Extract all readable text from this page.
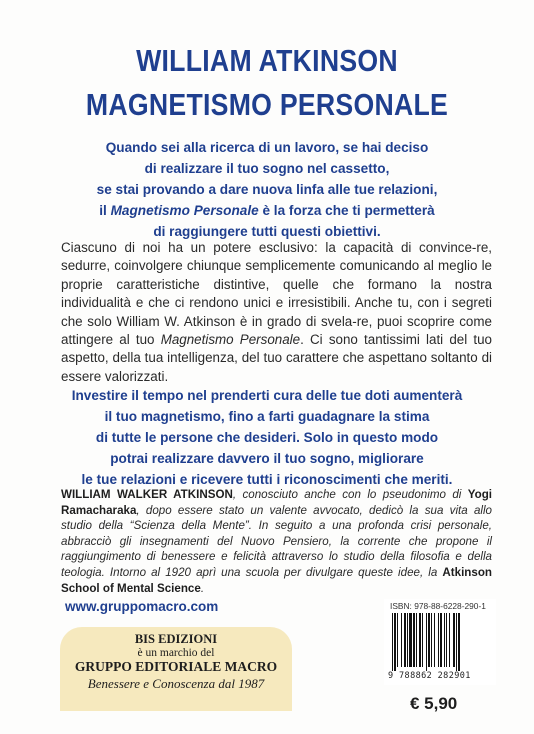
WILLIAM ATKINSON
MAGNETISMO PERSONALE
Quando sei alla ricerca di un lavoro, se hai deciso
di realizzare il tuo sogno nel cassetto,
se stai provando a dare nuova linfa alle tue relazioni,
il Magnetismo Personale è la forza che ti permetterà
di raggiungere tutti questi obiettivi.
Ciascuno di noi ha un potere esclusivo: la capacità di convince-re, sedurre, coinvolgere chiunque semplicemente comunicando al meglio le proprie caratteristiche distintive, quelle che formano la nostra individualità e che ci rendono unici e irresistibili. Anche tu, con i segreti che solo William W. Atkinson è in grado di svela-re, puoi scoprire come attingere al tuo Magnetismo Personale. Ci sono tantissimi lati del tuo aspetto, della tua intelligenza, del tuo carattere che aspettano soltanto di essere valorizzati.
Investire il tempo nel prenderti cura delle tue doti aumenterà
il tuo magnetismo, fino a farti guadagnare la stima
di tutte le persone che desideri. Solo in questo modo
potrai realizzare davvero il tuo sogno, migliorare
le tue relazioni e ricevere tutti i riconoscimenti che meriti.
WILLIAM WALKER ATKINSON, conosciuto anche con lo pseudonimo di Yogi Ramacharaka, dopo essere stato un valente avvocato, dedicò la sua vita allo studio della “Scienza della Mente”. In seguito a una profonda crisi personale, abbracciò gli insegnamenti del Nuovo Pensiero, la corrente che propone il raggiungimento di benessere e felicità attraverso lo studio della filosofia e della teologia. Intorno al 1920 aprì una scuola per divulgare queste idee, la Atkinson School of Mental Science.
www.gruppomacro.com
BIS EDIZIONI
è un marchio del
GRUPPO EDITORIALE MACRO
Benessere e Conoscenza dal 1987
ISBN: 978-88-6228-290-1
9 788862 282901
€ 5,90
